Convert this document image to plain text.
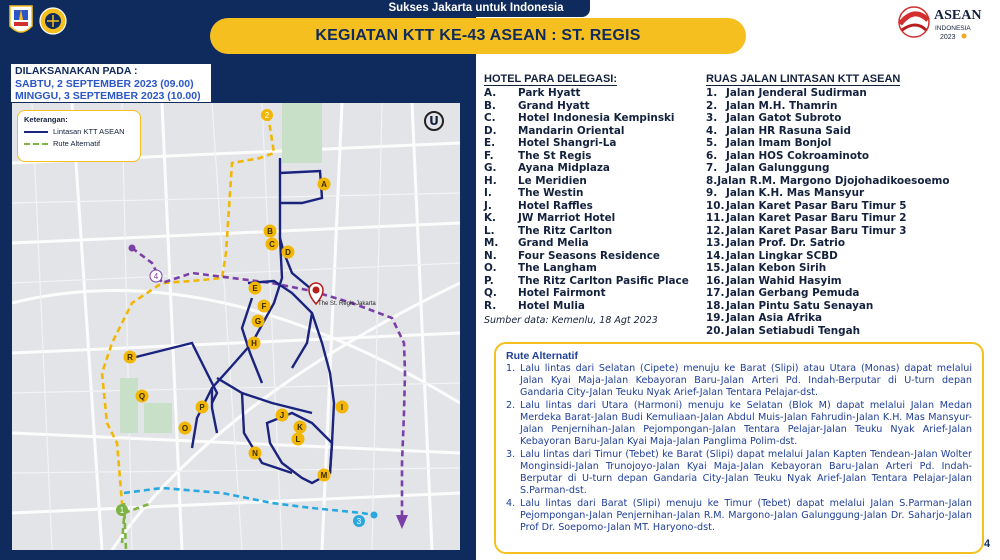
Sukses Jakarta untuk Indonesia
KEGIATAN KTT KE-43 ASEAN : ST. REGIS
ASEAN
INDONESIA
2023
DILAKSANAKAN PADA :
SABTU, 2 SEPTEMBER 2023 (09.00)
MINGGU, 3 SEPTEMBER 2023 (10.00)
A
B
C
D
E
F
G
H
I
J
K
L
M
N
O
P
Q
R
2
1
3
4
Keterangan:
Lintasan KTT ASEAN
Rute Alternatif
U
The St. Regis Jakarta
HOTEL PARA DELEGASI:
A.	Park Hyatt
B.	Grand Hyatt
C.	Hotel Indonesia Kempinski
D.	Mandarin Oriental
E.	Hotel Shangri-La
F.	The St Regis
G.	Ayana Midplaza
H.	Le Meridien
I.	The Westin
J.	Hotel Raffles
K.	JW Marriot Hotel
L.	The Ritz Carlton
M.	Grand Melia
N.	Four Seasons Residence
O.	The Langham
P.	The Ritz Carlton Pasific Place
Q.	Hotel Fairmont
R.	Hotel Mulia
Sumber data: Kemenlu, 18 Agt 2023
RUAS JALAN LINTASAN KTT ASEAN
1. Jalan Jenderal Sudirman
2. Jalan M.H. Thamrin
3. Jalan Gatot Subroto
4. Jalan HR Rasuna Said
5. Jalan Imam Bonjol
6. Jalan HOS Cokroaminoto
7. Jalan Galunggung
8. Jalan R.M. Margono Djojohadikoesoemo
9. Jalan K.H. Mas Mansyur
10. Jalan Karet Pasar Baru Timur 5
11. Jalan Karet Pasar Baru Timur 2
12. Jalan Karet Pasar Baru Timur 3
13. Jalan Prof. Dr. Satrio
14. Jalan Lingkar SCBD
15. Jalan Kebon Sirih
16. Jalan Wahid Hasyim
17. Jalan Gerbang Pemuda
18. Jalan Pintu Satu Senayan
19. Jalan Asia Afrika
20. Jalan Setiabudi Tengah
Rute Alternatif
1. Lalu lintas dari Selatan (Cipete) menuju ke Barat (Slipi) atau Utara (Monas) dapat melalui Jalan Kyai Maja-Jalan Kebayoran Baru-Jalan Arteri Pd. Indah-Berputar di U-turn depan Gandaria City-Jalan Teuku Nyak Arief-Jalan Tentara Pelajar-dst.
2. Lalu lintas dari Utara (Harmoni) menuju ke Selatan (Blok M) dapat melalui Jalan Medan Merdeka Barat-Jalan Budi Kemuliaan-Jalan Abdul Muis-Jalan Fahrudin-Jalan K.H. Mas Mansyur-Jalan Penjernihan-Jalan Pejompongan-Jalan Tentara Pelajar-Jalan Teuku Nyak Arief-Jalan Kebayoran Baru-Jalan Kyai Maja-Jalan Panglima Polim-dst.
3. Lalu lintas dari Timur (Tebet) ke Barat (Slipi) dapat melalui Jalan Kapten Tendean-Jalan Wolter Monginsidi-Jalan Trunojoyo-Jalan Kyai Maja-Jalan Kebayoran Baru-Jalan Arteri Pd. Indah-Berputar di U-turn depan Gandaria City-Jalan Teuku Nyak Arief-Jalan Tentara Pelajar-Jalan S.Parman-dst.
4. Lalu lintas dari Barat (Slipi) menuju ke Timur (Tebet) dapat melalui Jalan S.Parman-Jalan Pejompongan-Jalan Penjernihan-Jalan R.M. Margono-Jalan Galunggung-Jalan Dr. Saharjo-Jalan Prof Dr. Soepomo-Jalan MT. Haryono-dst.
4
